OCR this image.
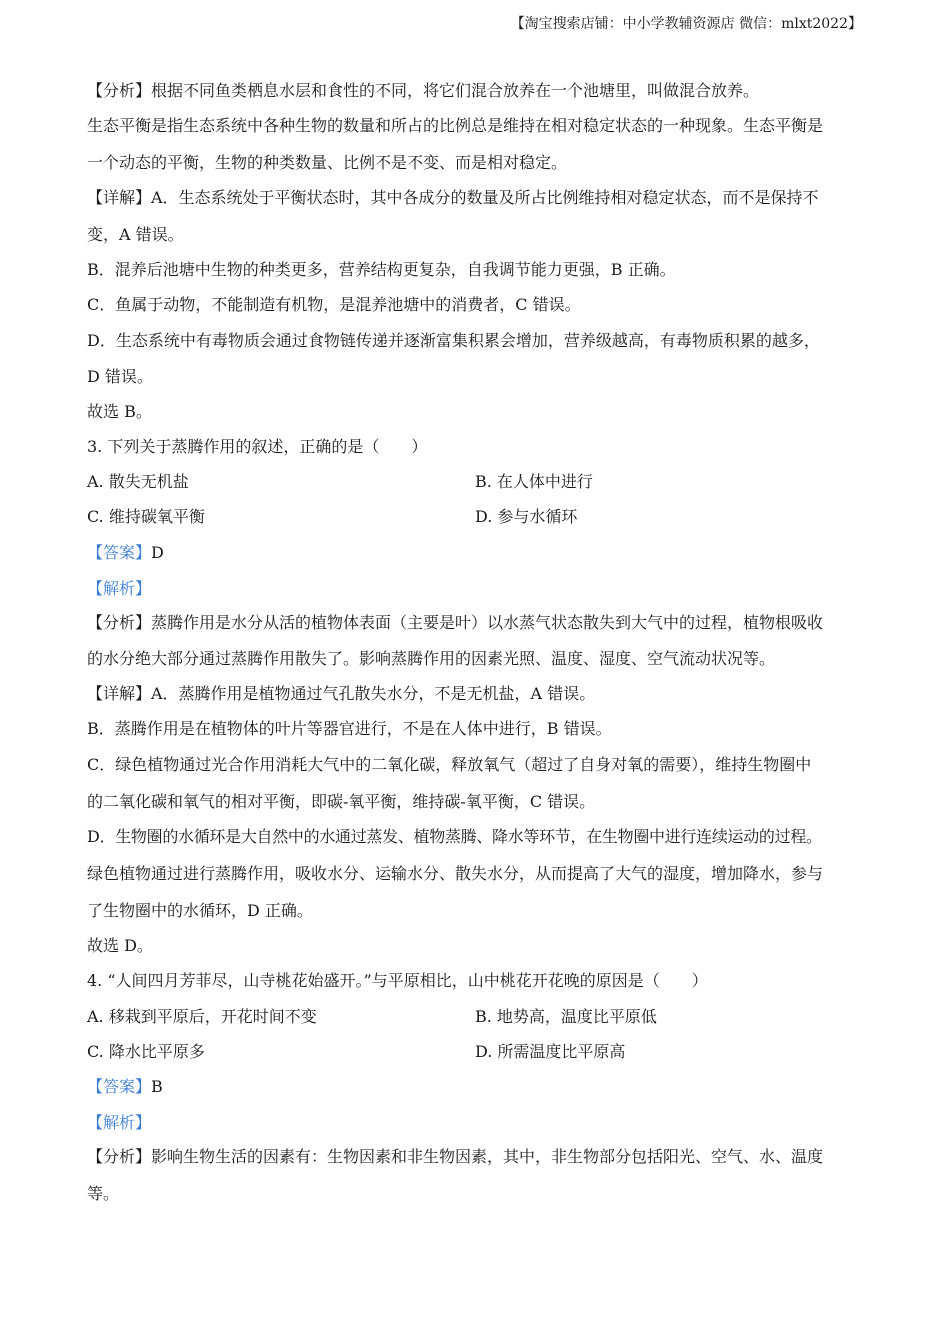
【淘宝搜索店铺：中小学教辅资源店 微信：mlxt2022】
【分析】根据不同鱼类栖息水层和食性的不同，将它们混合放养在一个池塘里，叫做混合放养。
生态平衡是指生态系统中各种生物的数量和所占的比例总是维持在相对稳定状态的一种现象。生态平衡是
一个动态的平衡，生物的种类数量、比例不是不变、而是相对稳定。
【详解】A．生态系统处于平衡状态时，其中各成分的数量及所占比例维持相对稳定状态，而不是保持不
变，A 错误。
B．混养后池塘中生物的种类更多，营养结构更复杂，自我调节能力更强，B 正确。
C．鱼属于动物，不能制造有机物，是混养池塘中的消费者，C 错误。
D．生态系统中有毒物质会通过食物链传递并逐渐富集积累会增加，营养级越高，有毒物质积累的越多，
D 错误。
故选 B。
3. 下列关于蒸腾作用的叙述，正确的是（　　）
A. 散失无机盐	B. 在人体中进行
C. 维持碳氧平衡	D. 参与水循环
【答案】D
【解析】
【分析】蒸腾作用是水分从活的植物体表面（主要是叶）以水蒸气状态散失到大气中的过程，植物根吸收
的水分绝大部分通过蒸腾作用散失了。影响蒸腾作用的因素光照、温度、湿度、空气流动状况等。
【详解】A．蒸腾作用是植物通过气孔散失水分，不是无机盐，A 错误。
B．蒸腾作用是在植物体的叶片等器官进行，不是在人体中进行，B 错误。
C．绿色植物通过光合作用消耗大气中的二氧化碳，释放氧气（超过了自身对氧的需要），维持生物圈中
的二氧化碳和氧气的相对平衡，即碳-氧平衡，维持碳-氧平衡，C 错误。
D．生物圈的水循环是大自然中的水通过蒸发、植物蒸腾、降水等环节，在生物圈中进行连续运动的过程。
绿色植物通过进行蒸腾作用，吸收水分、运输水分、散失水分，从而提高了大气的湿度，增加降水，参与
了生物圈中的水循环，D 正确。
故选 D。
4. “人间四月芳菲尽，山寺桃花始盛开。”与平原相比，山中桃花开花晚的原因是（　　）
A. 移栽到平原后，开花时间不变	B. 地势高，温度比平原低
C. 降水比平原多	D. 所需温度比平原高
【答案】B
【解析】
【分析】影响生物生活的因素有：生物因素和非生物因素，其中，非生物部分包括阳光、空气、水、温度
等。
